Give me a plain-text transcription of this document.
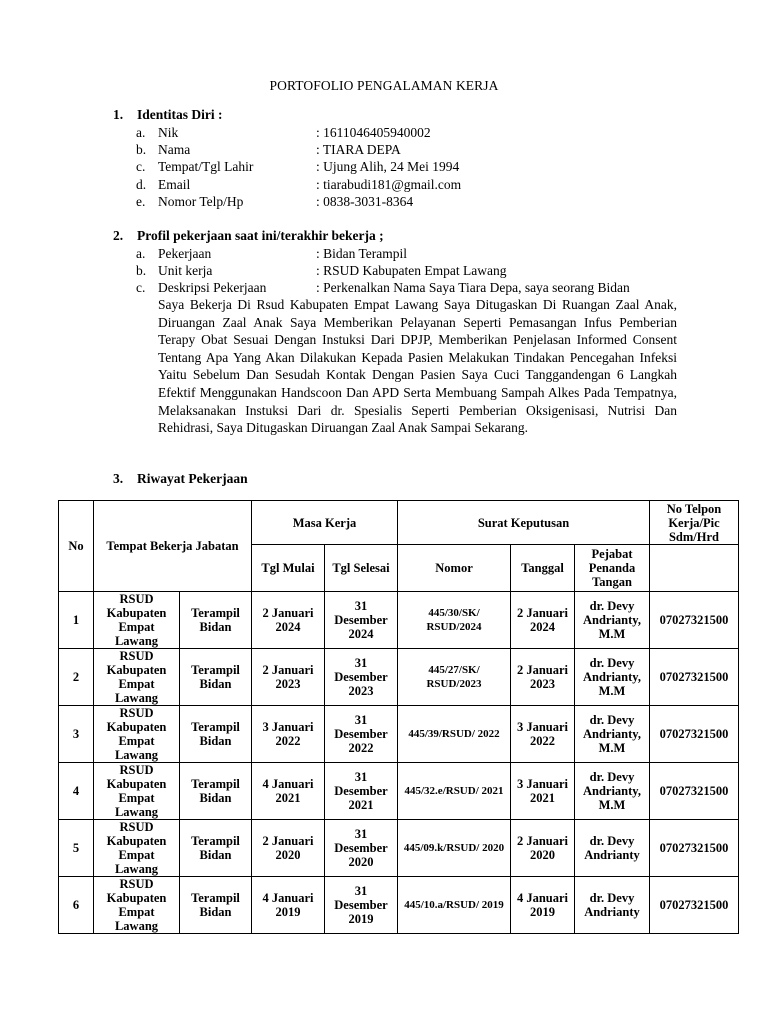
PORTOFOLIO PENGALAMAN KERJA
1. Identitas Diri :
a. Nik	: 1611046405940002
b. Nama	: TIARA DEPA
c. Tempat/Tgl Lahir	: Ujung Alih, 24 Mei 1994
d. Email	: tiarabudi181@gmail.com
e. Nomor Telp/Hp	: 0838-3031-8364
2. Profil pekerjaan saat ini/terakhir bekerja ;
a. Pekerjaan	: Bidan Terampil
b. Unit kerja	: RSUD Kabupaten Empat Lawang
c. Deskripsi Pekerjaan	: Perkenalkan Nama Saya Tiara Depa, saya seorang Bidan
Saya Bekerja Di Rsud Kabupaten Empat Lawang Saya Ditugaskan Di Ruangan Zaal Anak, Diruangan Zaal Anak Saya Memberikan Pelayanan Seperti Pemasangan Infus Pemberian Terapy Obat Sesuai Dengan Instuksi Dari DPJP, Memberikan Penjelasan Informed Consent Tentang Apa Yang Akan Dilakukan Kepada Pasien Melakukan Tindakan Pencegahan Infeksi Yaitu Sebelum Dan Sesudah Kontak Dengan Pasien Saya Cuci Tanggandengan 6 Langkah Efektif Menggunakan Handscoon Dan APD Serta Membuang Sampah Alkes Pada Tempatnya, Melaksanakan Instuksi Dari dr. Spesialis Seperti Pemberian Oksigenisasi, Nutrisi Dan Rehidrasi, Saya Ditugaskan Diruangan Zaal Anak Sampai Sekarang.
3. Riwayat Pekerjaan
No	Tempat Bekerja Jabatan		Masa Kerja		Surat Keputusan			No Telpon Kerja/Pic Sdm/Hrd
			Tgl Mulai	Tgl Selesai	Nomor	Tanggal	Pejabat Penanda Tangan	
1	RSUD Kabupaten Empat Lawang	Terampil Bidan	2 Januari 2024	31 Desember 2024	445/30/SK/ RSUD/2024	2 Januari 2024	dr. Devy Andrianty, M.M	07027321500
2	RSUD Kabupaten Empat Lawang	Terampil Bidan	2 Januari 2023	31 Desember 2023	445/27/SK/ RSUD/2023	2 Januari 2023	dr. Devy Andrianty, M.M	07027321500
3	RSUD Kabupaten Empat Lawang	Terampil Bidan	3 Januari 2022	31 Desember 2022	445/39/RSUD/ 2022	3 Januari 2022	dr. Devy Andrianty, M.M	07027321500
4	RSUD Kabupaten Empat Lawang	Terampil Bidan	4 Januari 2021	31 Desember 2021	445/32.e/RSUD/ 2021	3 Januari 2021	dr. Devy Andrianty, M.M	07027321500
5	RSUD Kabupaten Empat Lawang	Terampil Bidan	2 Januari 2020	31 Desember 2020	445/09.k/RSUD/ 2020	2 Januari 2020	dr. Devy Andrianty	07027321500
6	RSUD Kabupaten Empat Lawang	Terampil Bidan	4 Januari 2019	31 Desember 2019	445/10.a/RSUD/ 2019	4 Januari 2019	dr. Devy Andrianty	07027321500
